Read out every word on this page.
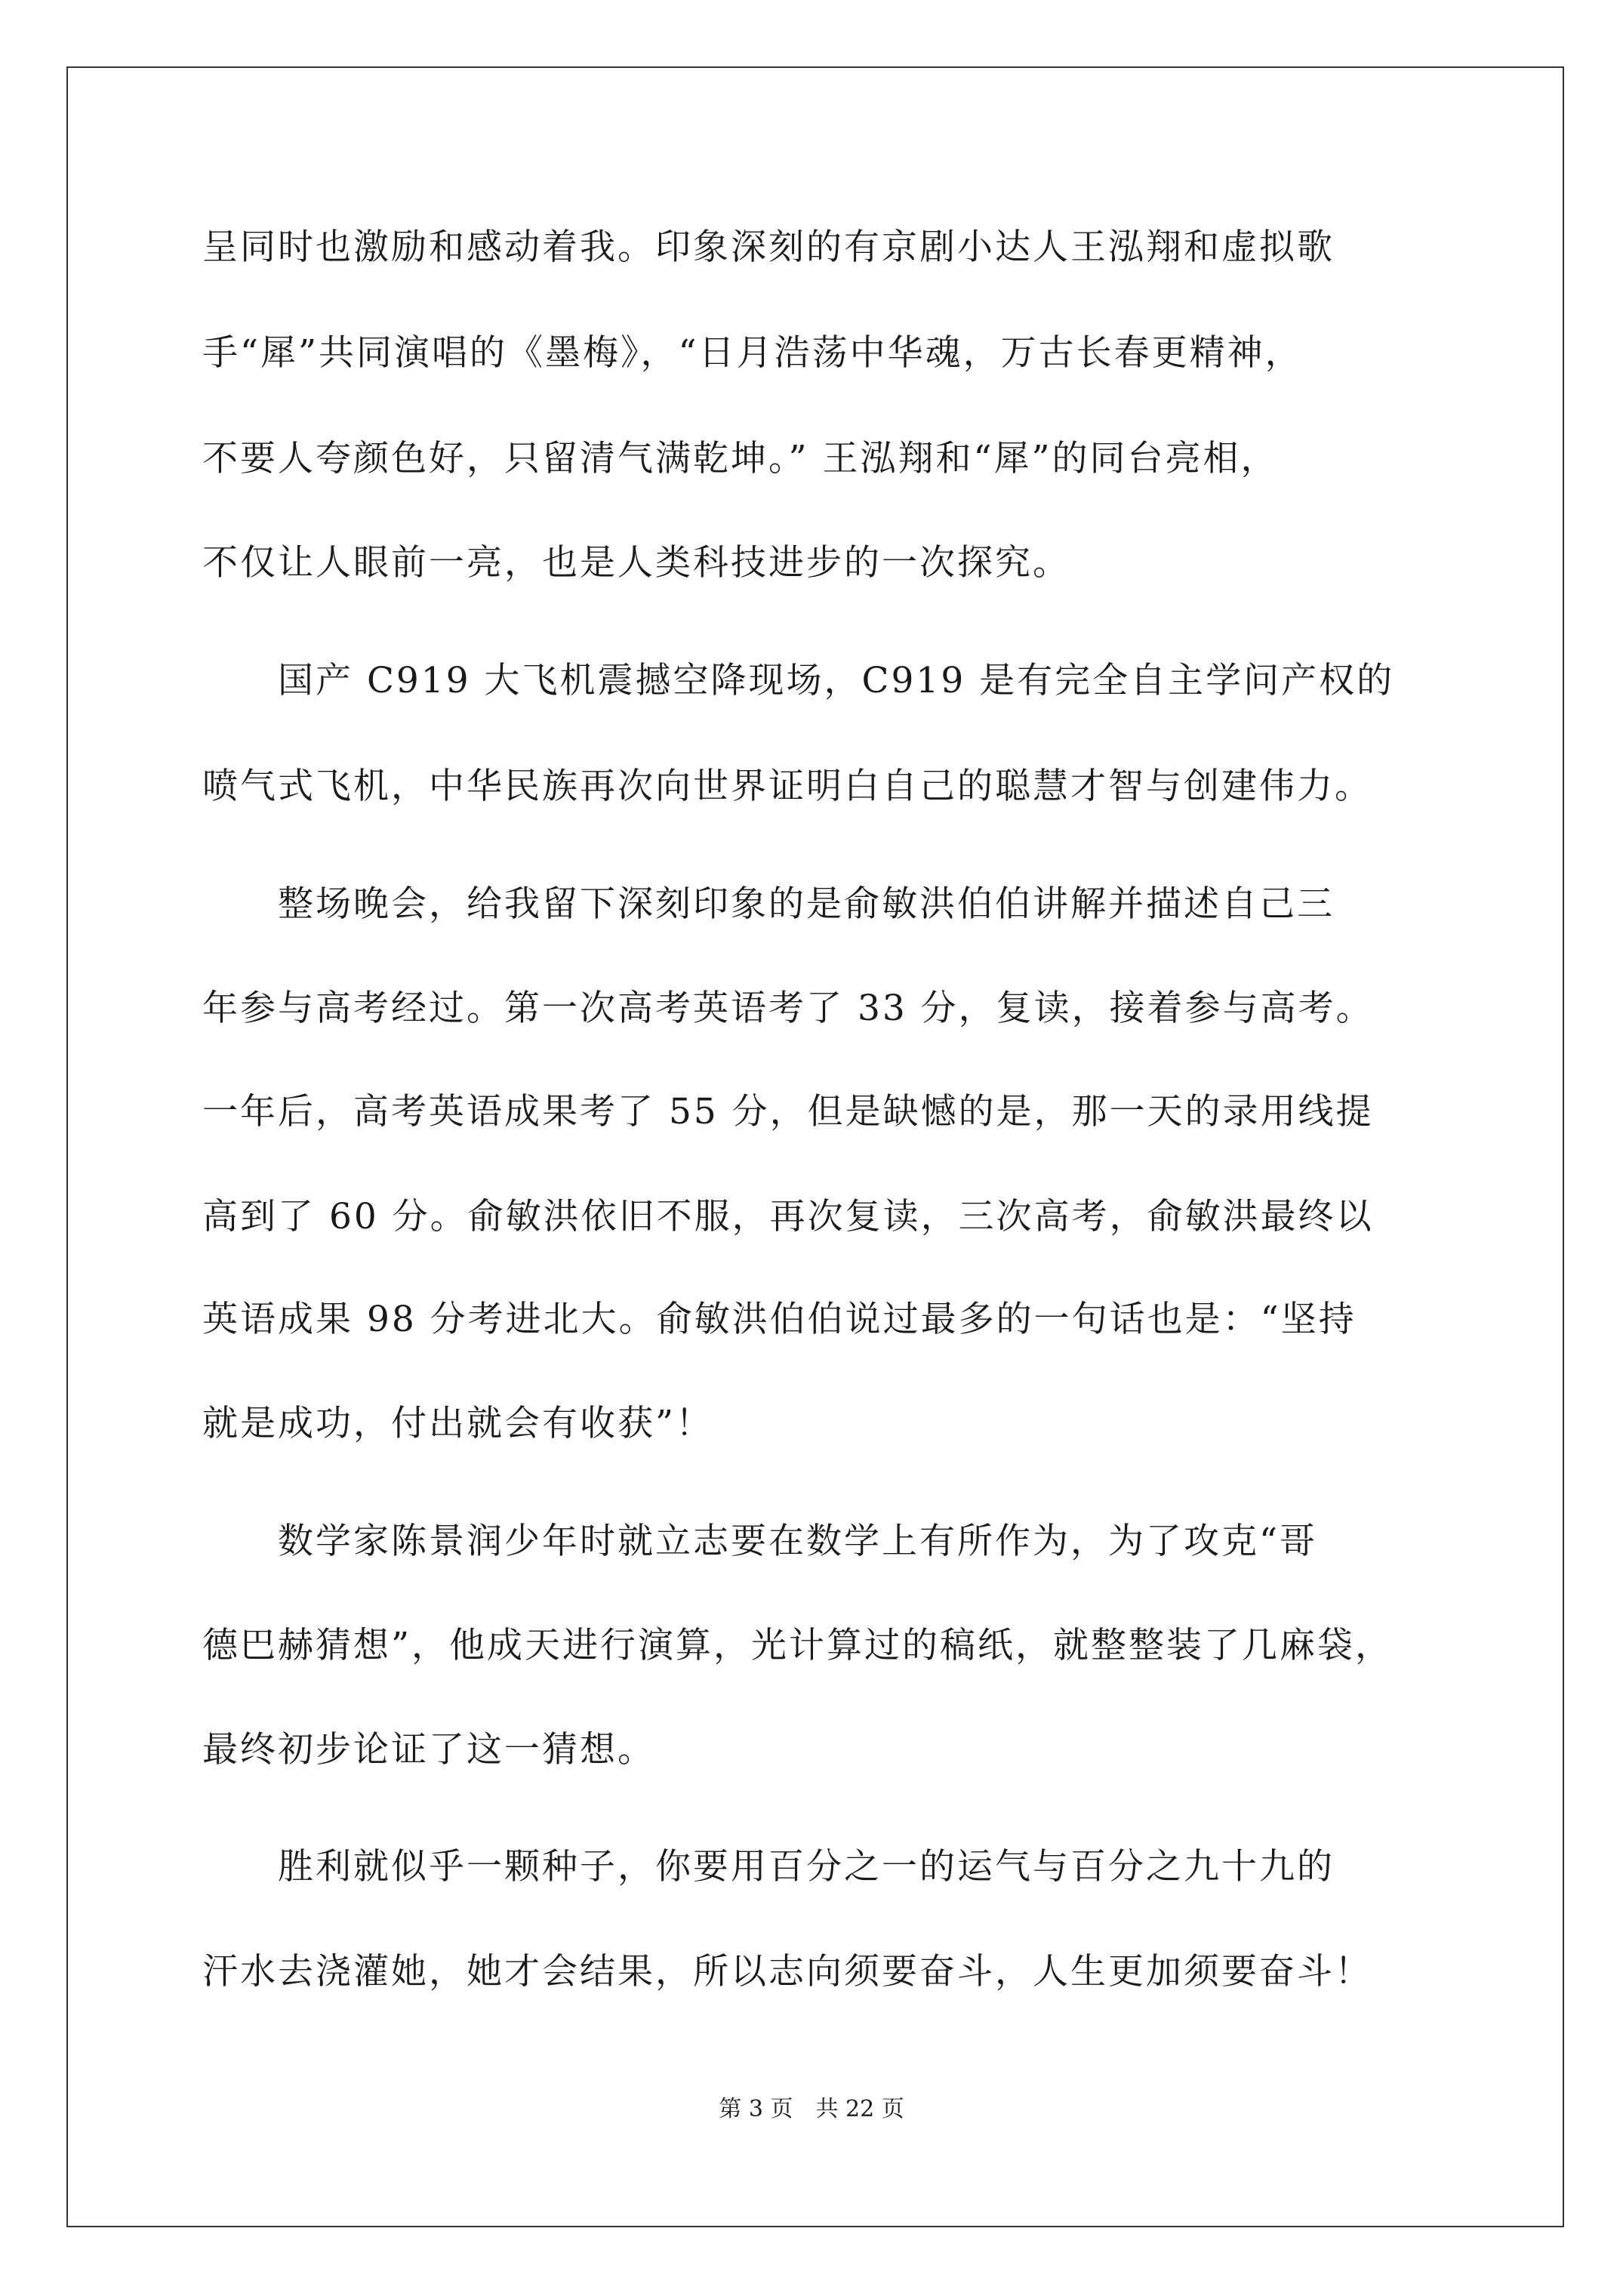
呈同时也激励和感动着我。印象深刻的有京剧小达人王泓翔和虚拟歌
手“犀”共同演唱的《墨梅》，“日月浩荡中华魂，万古长春更精神，
不要人夸颜色好，只留清气满乾坤。” 王泓翔和“犀”的同台亮相，
不仅让人眼前一亮，也是人类科技进步的一次探究。
　　国产 C919 大飞机震撼空降现场，C919 是有完全自主学问产权的
喷气式飞机，中华民族再次向世界证明白自己的聪慧才智与创建伟力。
　　整场晚会，给我留下深刻印象的是俞敏洪伯伯讲解并描述自己三
年参与高考经过。第一次高考英语考了 33 分，复读，接着参与高考。
一年后，高考英语成果考了 55 分，但是缺憾的是，那一天的录用线提
高到了 60 分。俞敏洪依旧不服，再次复读，三次高考，俞敏洪最终以
英语成果 98 分考进北大。俞敏洪伯伯说过最多的一句话也是：“坚持
就是成功，付出就会有收获”！
　　数学家陈景润少年时就立志要在数学上有所作为，为了攻克“哥
德巴赫猜想”，他成天进行演算，光计算过的稿纸，就整整装了几麻袋，
最终初步论证了这一猜想。
　　胜利就似乎一颗种子，你要用百分之一的运气与百分之九十九的
汗水去浇灌她，她才会结果，所以志向须要奋斗，人生更加须要奋斗！
第 3 页　共 22 页
